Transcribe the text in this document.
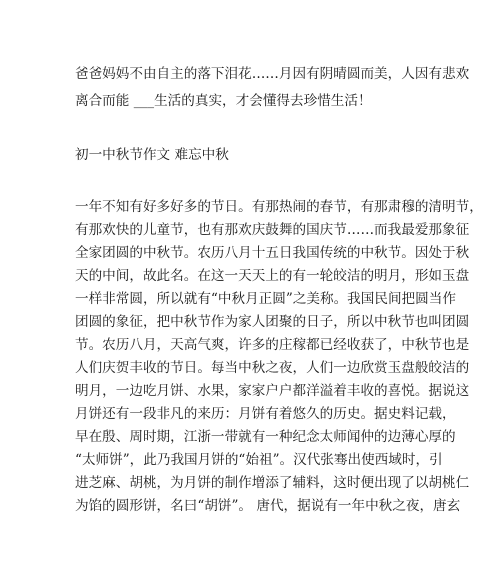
爸爸妈妈不由自主的落下泪花……月因有阴晴圆而美，人因有悲欢
离合而能 ___生活的真实，才会懂得去珍惜生活！
初一中秋节作文 难忘中秋
一年不知有好多好多的节日。有那热闹的春节，有那肃穆的清明节，
有那欢快的儿童节，也有那欢庆鼓舞的国庆节……而我最爱那象征
全家团圆的中秋节。农历八月十五日我国传统的中秋节。因处于秋
天的中间，故此名。在这一天天上的有一轮皎洁的明月，形如玉盘
一样非常圆，所以就有“中秋月正圆”之美称。我国民间把圆当作
团圆的象征，把中秋节作为家人团聚的日子，所以中秋节也叫团圆
节。农历八月，天高气爽，许多的庄稼都已经收获了，中秋节也是
人们庆贺丰收的节日。每当中秋之夜，人们一边欣赏玉盘般皎洁的
明月，一边吃月饼、水果，家家户户都洋溢着丰收的喜悦。据说这
月饼还有一段非凡的来历：月饼有着悠久的历史。据史料记载，
早在殷、周时期，江浙一带就有一种纪念太师闻仲的边薄心厚的
“太师饼”，此乃我国月饼的“始祖”。汉代张骞出使西域时，引
进芝麻、胡桃，为月饼的制作增添了辅料，这时便出现了以胡桃仁
为馅的圆形饼，名曰“胡饼”。 唐代，据说有一年中秋之夜，唐玄
